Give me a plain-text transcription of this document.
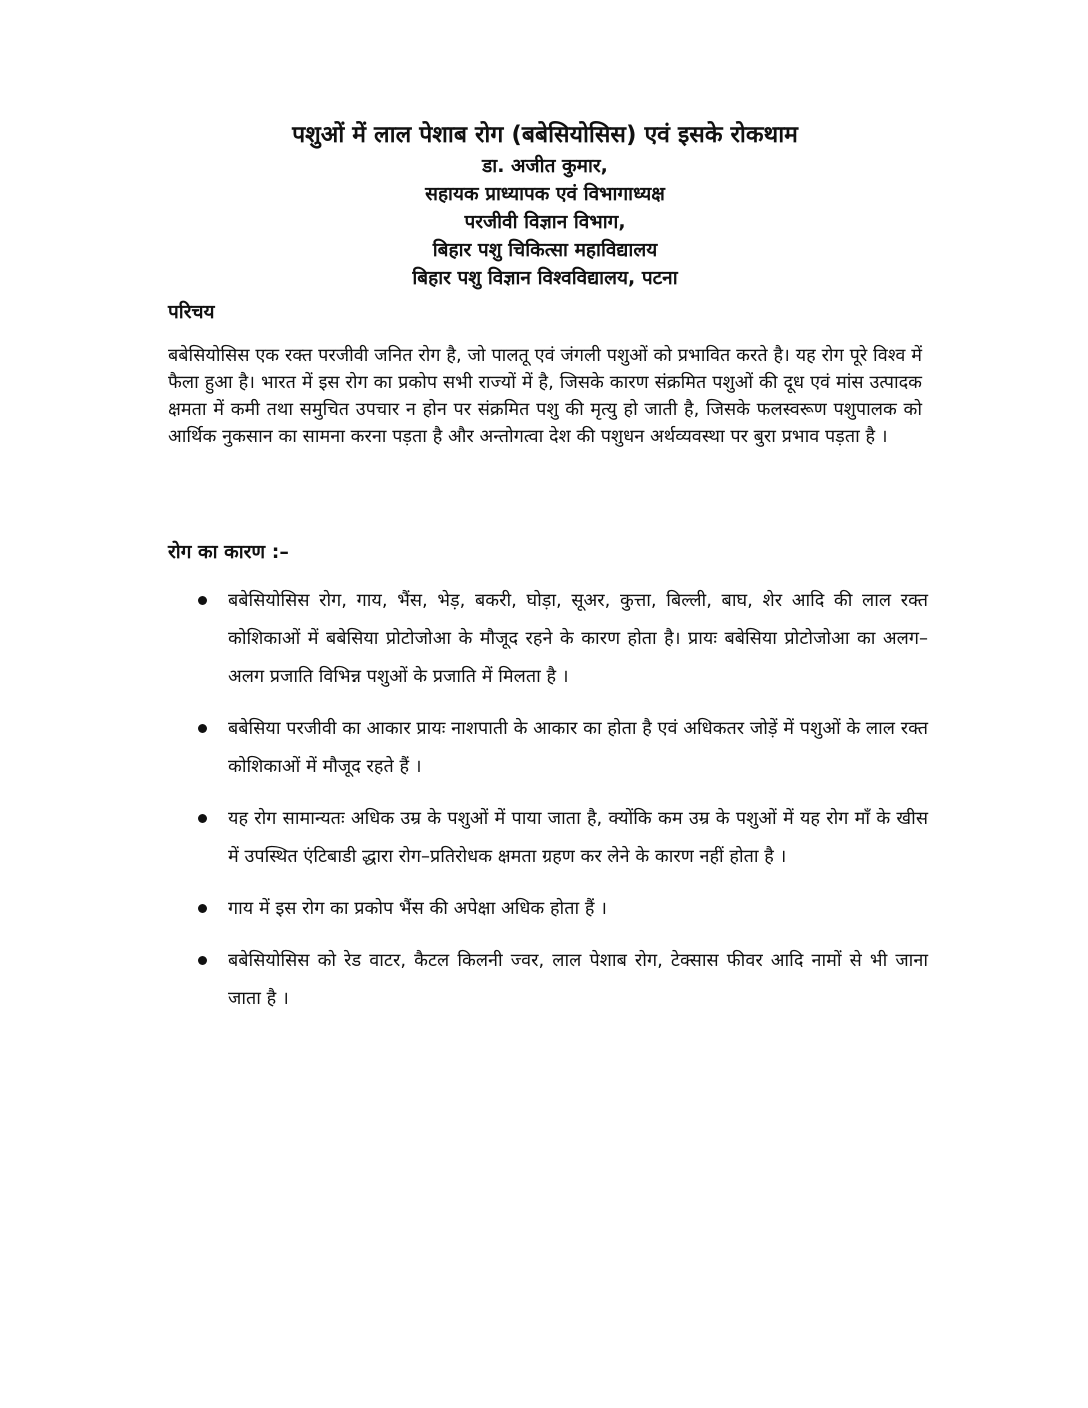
पशुओं में लाल पेशाब रोग (बबेसियोसिस) एवं इसके रोकथाम

डा. अजीत कुमार,

सहायक प्राध्यापक एवं विभागाध्यक्ष

परजीवी विज्ञान विभाग,

बिहार पशु चिकित्सा महाविद्यालय

बिहार पशु विज्ञान विश्वविद्यालय, पटना

परिचय

बबेसियोसिस एक रक्त परजीवी जनित रोग है, जो पालतू एवं जंगली पशुओं को प्रभावित करते है। यह रोग पूरे विश्व में फैला हुआ है। भारत में इस रोग का प्रकोप सभी राज्यों में है, जिसके कारण संक्रमित पशुओं की दूध एवं मांस उत्पादक क्षमता में कमी तथा समुचित उपचार न होन पर संक्रमित पशु की मृत्यु हो जाती है, जिसके फलस्वरूण पशुपालक को आर्थिक नुकसान का सामना करना पड़ता है और अन्तोगत्वा देश की पशुधन अर्थव्यवस्था पर बुरा प्रभाव पड़ता है ।

रोग का कारण :–
बबेसियोसिस रोग, गाय, भैंस, भेड़, बकरी, घोड़ा, सूअर, कुत्ता, बिल्ली, बाघ, शेर आदि की लाल रक्त कोशिकाओं में बबेसिया प्रोटोजोआ के मौजूद रहने के कारण होता है। प्रायः बबेसिया प्रोटोजोआ का अलग–अलग प्रजाति विभिन्न पशुओं के प्रजाति में मिलता है ।
बबेसिया परजीवी का आकार प्रायः नाशपाती के आकार का होता है एवं अधिकतर जोड़ें में पशुओं के लाल रक्त कोशिकाओं में मौजूद रहते हैं ।
यह रोग सामान्यतः अधिक उम्र के पशुओं में पाया जाता है, क्योंकि कम उम्र के पशुओं में यह रोग माँ के खीस में उपस्थित एंटिबाडी द्धारा रोग–प्रतिरोधक क्षमता ग्रहण कर लेने के कारण नहीं होता है ।
गाय में इस रोग का प्रकोप भैंस की अपेक्षा अधिक होता हैं ।
बबेसियोसिस को रेड वाटर, कैटल किलनी ज्वर, लाल पेशाब रोग, टेक्सास फीवर आदि नामों से भी जाना जाता है ।
